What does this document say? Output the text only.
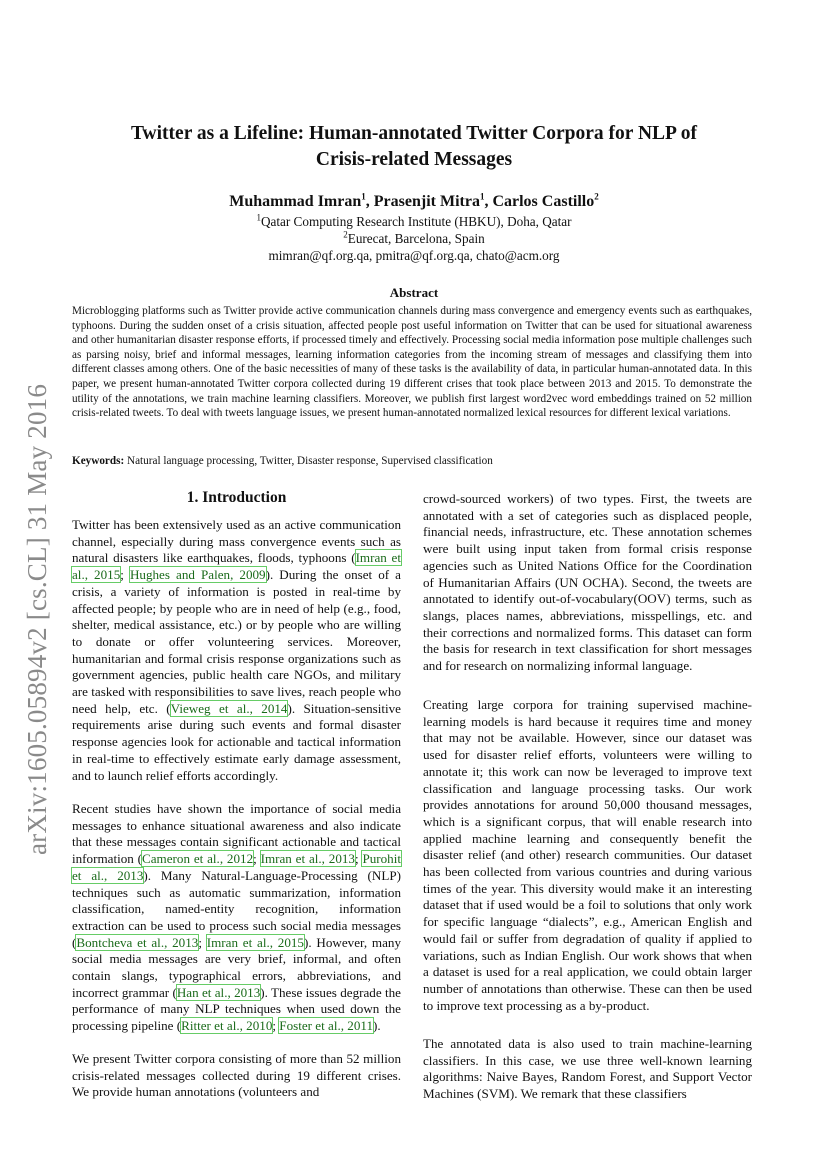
arXiv:1605.05894v2 [cs.CL] 31 May 2016
Twitter as a Lifeline: Human-annotated Twitter Corpora for NLP of
Crisis-related Messages
Muhammad Imran$^1$, Prasenjit Mitra$^1$, Carlos Castillo$^2$
$^1$Qatar Computing Research Institute (HBKU), Doha, Qatar
$^2$Eurecat, Barcelona, Spain
mimran@qf.org.qa, pmitra@qf.org.qa, chato@acm.org
Abstract
Microblogging platforms such as Twitter provide active communication channels during mass convergence and emergency events such as earthquakes, typhoons. During the sudden onset of a crisis situation, affected people post useful information on Twitter that can be used for situational awareness and other humanitarian disaster response efforts, if processed timely and effectively. Processing social media information pose multiple challenges such as parsing noisy, brief and informal messages, learning information categories from the incoming stream of messages and classifying them into different classes among others. One of the basic necessities of many of these tasks is the availability of data, in particular human-annotated data. In this paper, we present human-annotated Twitter corpora collected during 19 different crises that took place between 2013 and 2015. To demonstrate the utility of the annotations, we train machine learning classifiers. Moreover, we publish first largest word2vec word embeddings trained on 52 million crisis-related tweets. To deal with tweets language issues, we present human-annotated normalized lexical resources for different lexical variations.
Keywords: Natural language processing, Twitter, Disaster response, Supervised classification
1. Introduction
Twitter has been extensively used as an active communication channel, especially during mass convergence events such as natural disasters like earthquakes, floods, typhoons (Imran et al., 2015; Hughes and Palen, 2009). During the onset of a crisis, a variety of information is posted in real-time by affected people; by people who are in need of help (e.g., food, shelter, medical assistance, etc.) or by people who are willing to donate or offer volunteering services. Moreover, humanitarian and formal crisis response organizations such as government agencies, public health care NGOs, and military are tasked with responsibilities to save lives, reach people who need help, etc. (Vieweg et al., 2014). Situation-sensitive requirements arise during such events and formal disaster response agencies look for actionable and tactical information in real-time to effectively estimate early damage assessment, and to launch relief efforts accordingly.
Recent studies have shown the importance of social media messages to enhance situational awareness and also indicate that these messages contain significant actionable and tactical information (Cameron et al., 2012; Imran et al., 2013; Purohit et al., 2013). Many Natural-Language-Processing (NLP) techniques such as automatic summarization, information classification, named-entity recognition, information extraction can be used to process such social media messages (Bontcheva et al., 2013; Imran et al., 2015). However, many social media messages are very brief, informal, and often contain slangs, typographical errors, abbreviations, and incorrect grammar (Han et al., 2013). These issues degrade the performance of many NLP techniques when used down the processing pipeline (Ritter et al., 2010; Foster et al., 2011).
We present Twitter corpora consisting of more than 52 million crisis-related messages collected during 19 different crises. We provide human annotations (volunteers and
crowd-sourced workers) of two types. First, the tweets are annotated with a set of categories such as displaced people, financial needs, infrastructure, etc. These annotation schemes were built using input taken from formal crisis response agencies such as United Nations Office for the Coordination of Humanitarian Affairs (UN OCHA). Second, the tweets are annotated to identify out-of-vocabulary(OOV) terms, such as slangs, places names, abbreviations, misspellings, etc. and their corrections and normalized forms. This dataset can form the basis for research in text classification for short messages and for research on normalizing informal language.
Creating large corpora for training supervised machine-learning models is hard because it requires time and money that may not be available. However, since our dataset was used for disaster relief efforts, volunteers were willing to annotate it; this work can now be leveraged to improve text classification and language processing tasks. Our work provides annotations for around 50,000 thousand messages, which is a significant corpus, that will enable research into applied machine learning and consequently benefit the disaster relief (and other) research communities. Our dataset has been collected from various countries and during various times of the year. This diversity would make it an interesting dataset that if used would be a foil to solutions that only work for specific language “dialects”, e.g., American English and would fail or suffer from degradation of quality if applied to variations, such as Indian English. Our work shows that when a dataset is used for a real application, we could obtain larger number of annotations than otherwise. These can then be used to improve text processing as a by-product.
The annotated data is also used to train machine-learning classifiers. In this case, we use three well-known learning algorithms: Naive Bayes, Random Forest, and Support Vector Machines (SVM). We remark that these classifiers
